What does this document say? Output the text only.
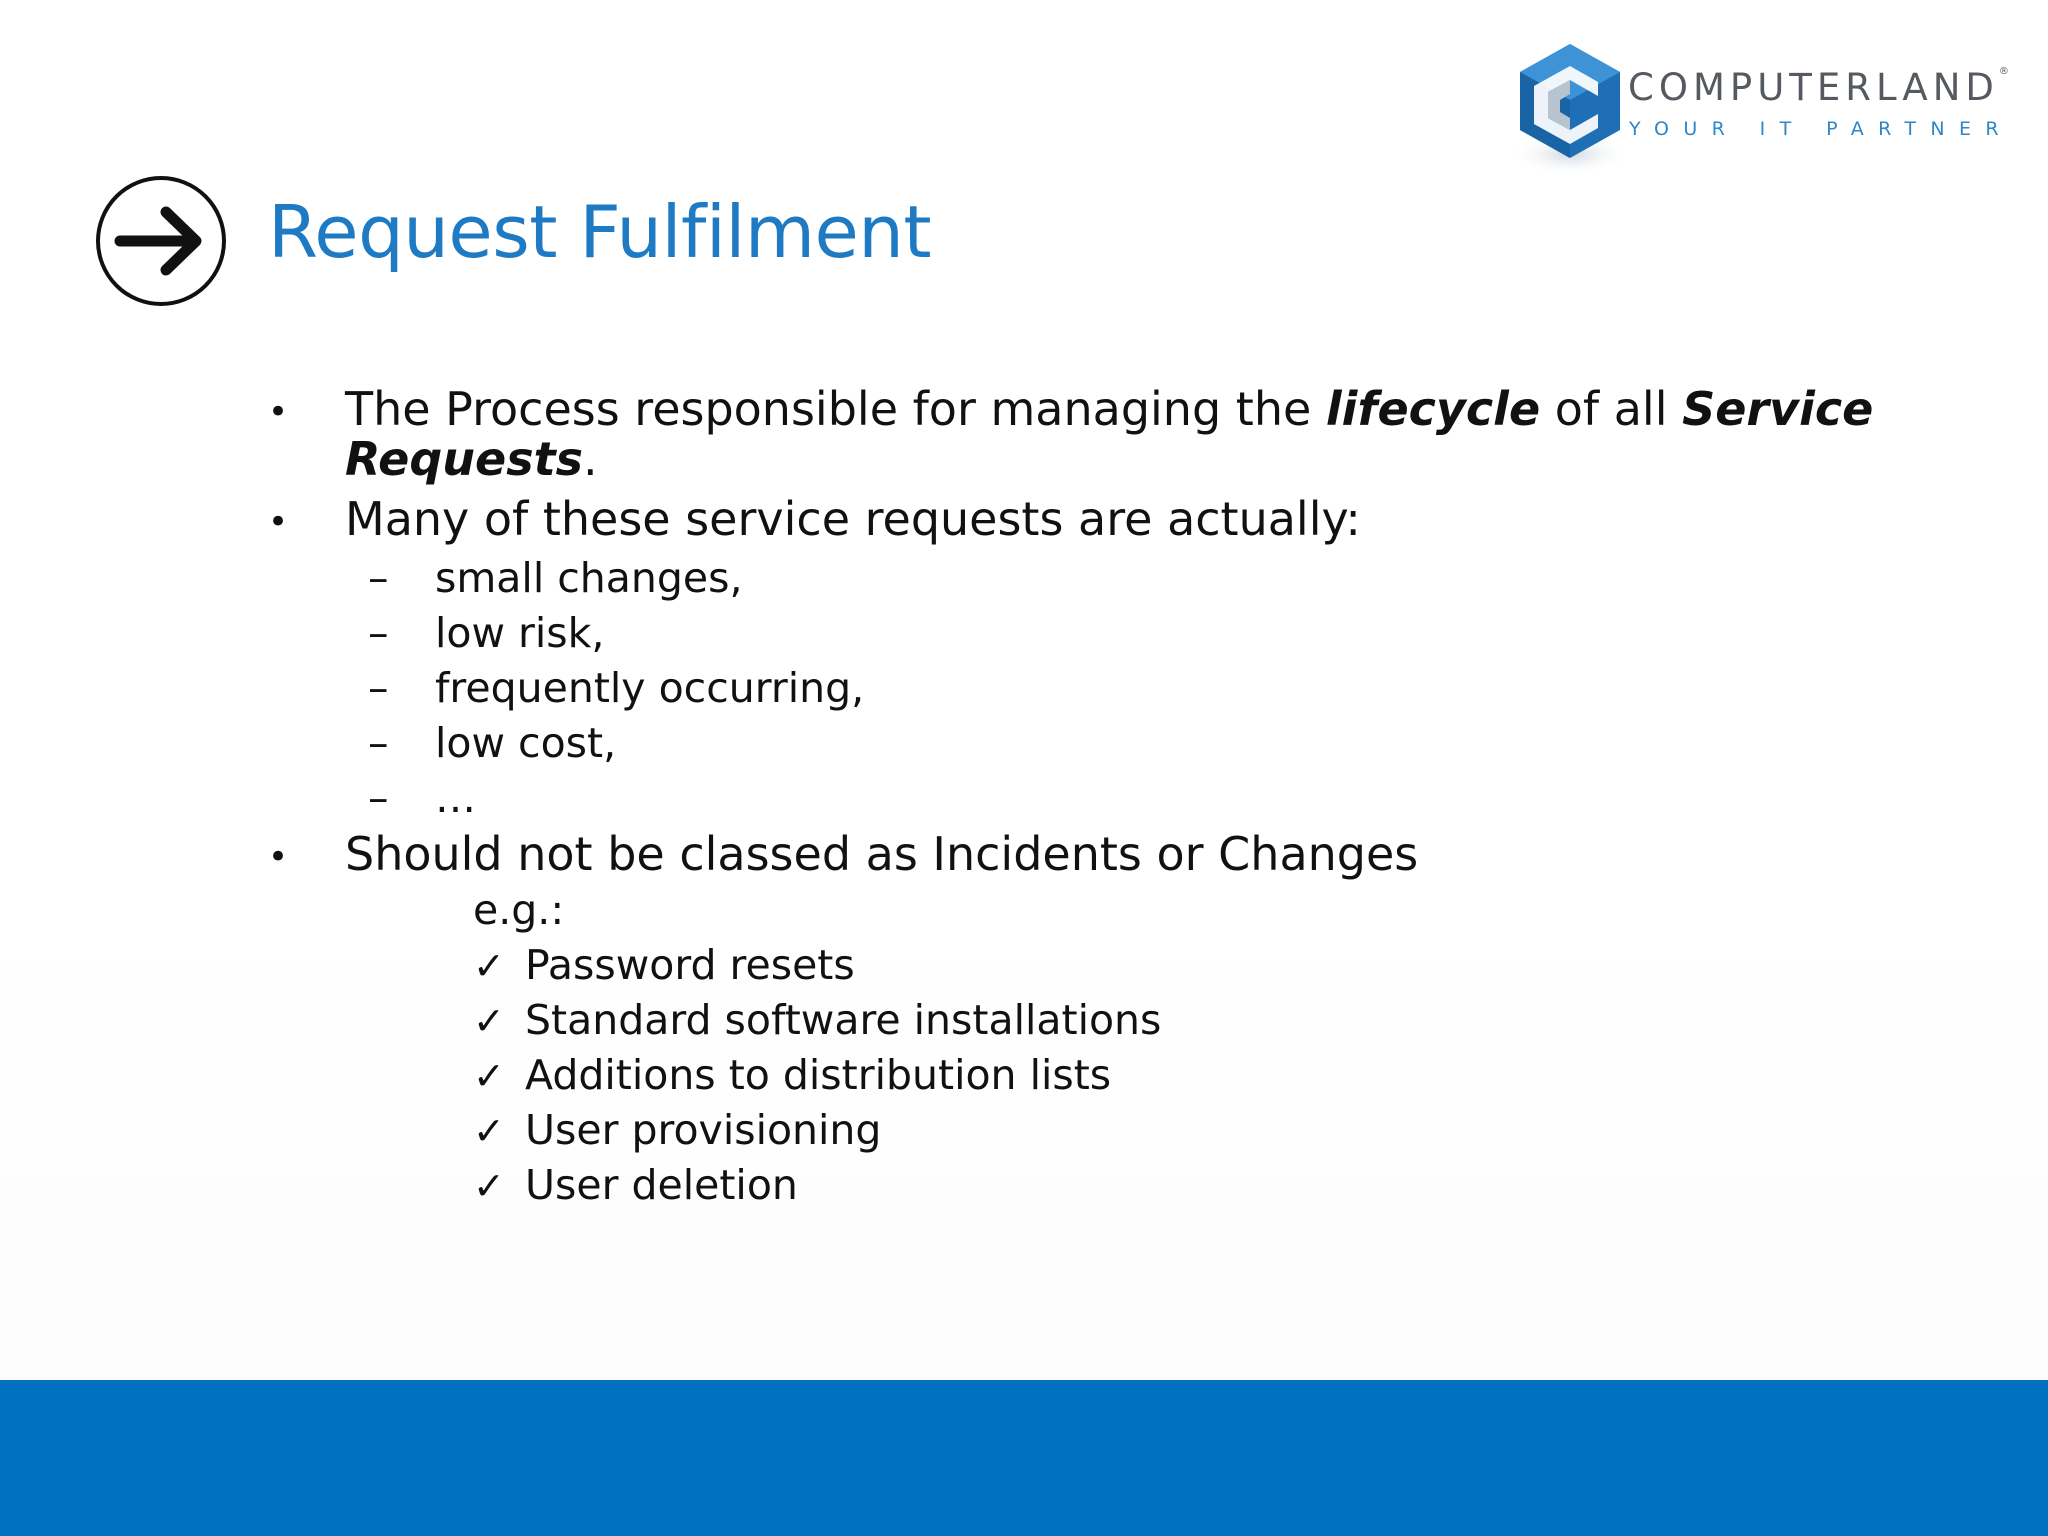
COMPUTERLAND®
YOUR IT PARTNER
Request Fulfilment
• The Process responsible for managing the lifecycle of all Service
Requests.
• Many of these service requests are actually:
– small changes,
– low risk,
– frequently occurring,
– low cost,
– …
• Should not be classed as Incidents or Changes
e.g.:
✓ Password resets
✓ Standard software installations
✓ Additions to distribution lists
✓ User provisioning
✓ User deletion
